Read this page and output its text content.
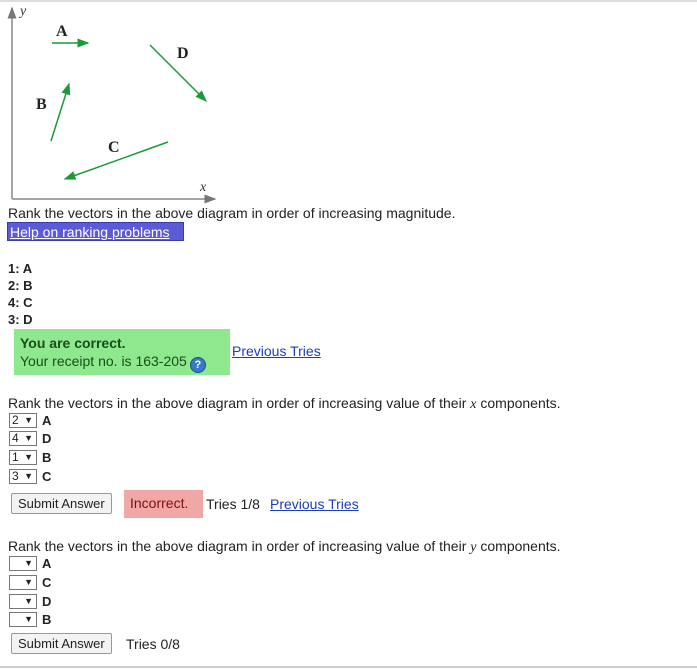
y
x
A
B
C
D
Rank the vectors in the above diagram in order of increasing magnitude.
Help on ranking problems
1: A
2: B
4: C
3: D
You are correct.
Your receipt no. is 163-205 ?
Previous Tries
Rank the vectors in the above diagram in order of increasing value of their x components.
2 ▼ A
4 ▼ D
1 ▼ B
3 ▼ C
Submit Answer	Incorrect. Tries 1/8 Previous Tries
Rank the vectors in the above diagram in order of increasing value of their y components.
▼ A
▼ C
▼ D
▼ B
Submit Answer	Tries 0/8
